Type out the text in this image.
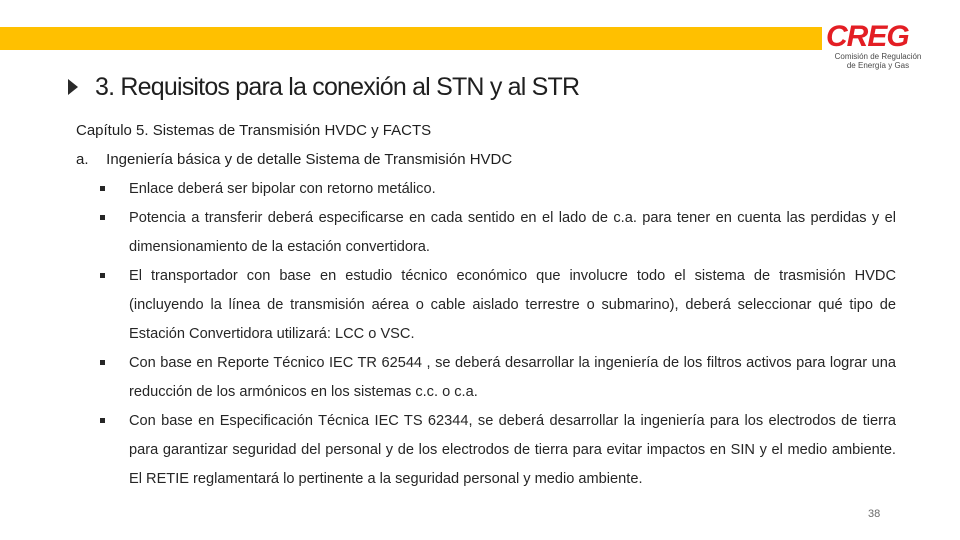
CREG
Comisión de Regulación
de Energía y Gas
3. Requisitos para la conexión al STN y al STR
Capítulo 5. Sistemas de Transmisión HVDC y FACTS
a. Ingeniería básica y de detalle Sistema de Transmisión HVDC
Enlace deberá ser bipolar con retorno metálico.
Potencia a transferir deberá especificarse en cada sentido en el lado de c.a. para tener en cuenta las perdidas y el dimensionamiento de la estación convertidora.
El transportador con base en estudio técnico económico que involucre todo el sistema de trasmisión HVDC (incluyendo la línea de transmisión aérea o cable aislado terrestre o submarino), deberá seleccionar qué tipo de Estación Convertidora utilizará: LCC o VSC.
Con base en Reporte Técnico IEC TR 62544 , se deberá desarrollar la ingeniería de los filtros activos para lograr una reducción de los armónicos en los sistemas c.c. o c.a.
Con base en Especificación Técnica IEC TS 62344, se deberá desarrollar la ingeniería para los electrodos de tierra para garantizar seguridad del personal y de los electrodos de tierra para evitar impactos en SIN y el medio ambiente. El RETIE reglamentará lo pertinente a la seguridad personal y medio ambiente.
38
